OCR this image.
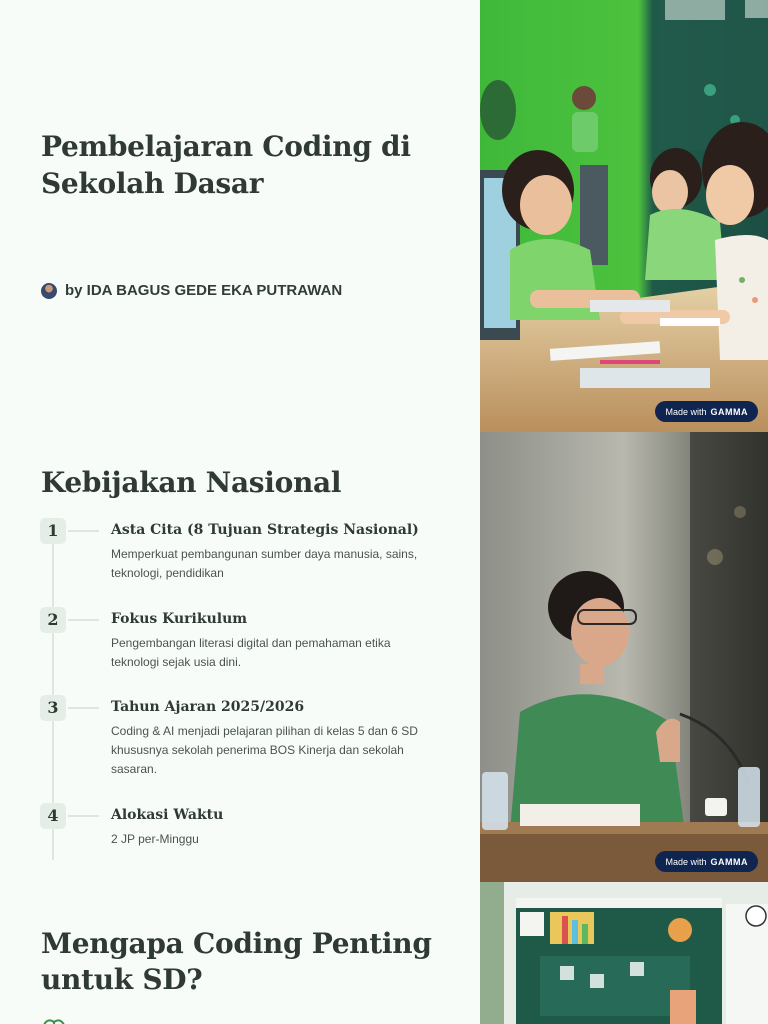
Pembelajaran Coding di Sekolah Dasar
by IDA BAGUS GEDE EKA PUTRAWAN
Made with GAMMA
Kebijakan Nasional
1	Asta Cita (8 Tujuan Strategis Nasional)
Memperkuat pembangunan sumber daya manusia, sains, teknologi, pendidikan
2	Fokus Kurikulum
Pengembangan literasi digital dan pemahaman etika teknologi sejak usia dini.
3	Tahun Ajaran 2025/2026
Coding & AI menjadi pelajaran pilihan di kelas 5 dan 6 SD khususnya sekolah penerima BOS Kinerja dan sekolah sasaran.
4	Alokasi Waktu
2 JP per-Minggu
Made with GAMMA
Mengapa Coding Penting untuk SD?
